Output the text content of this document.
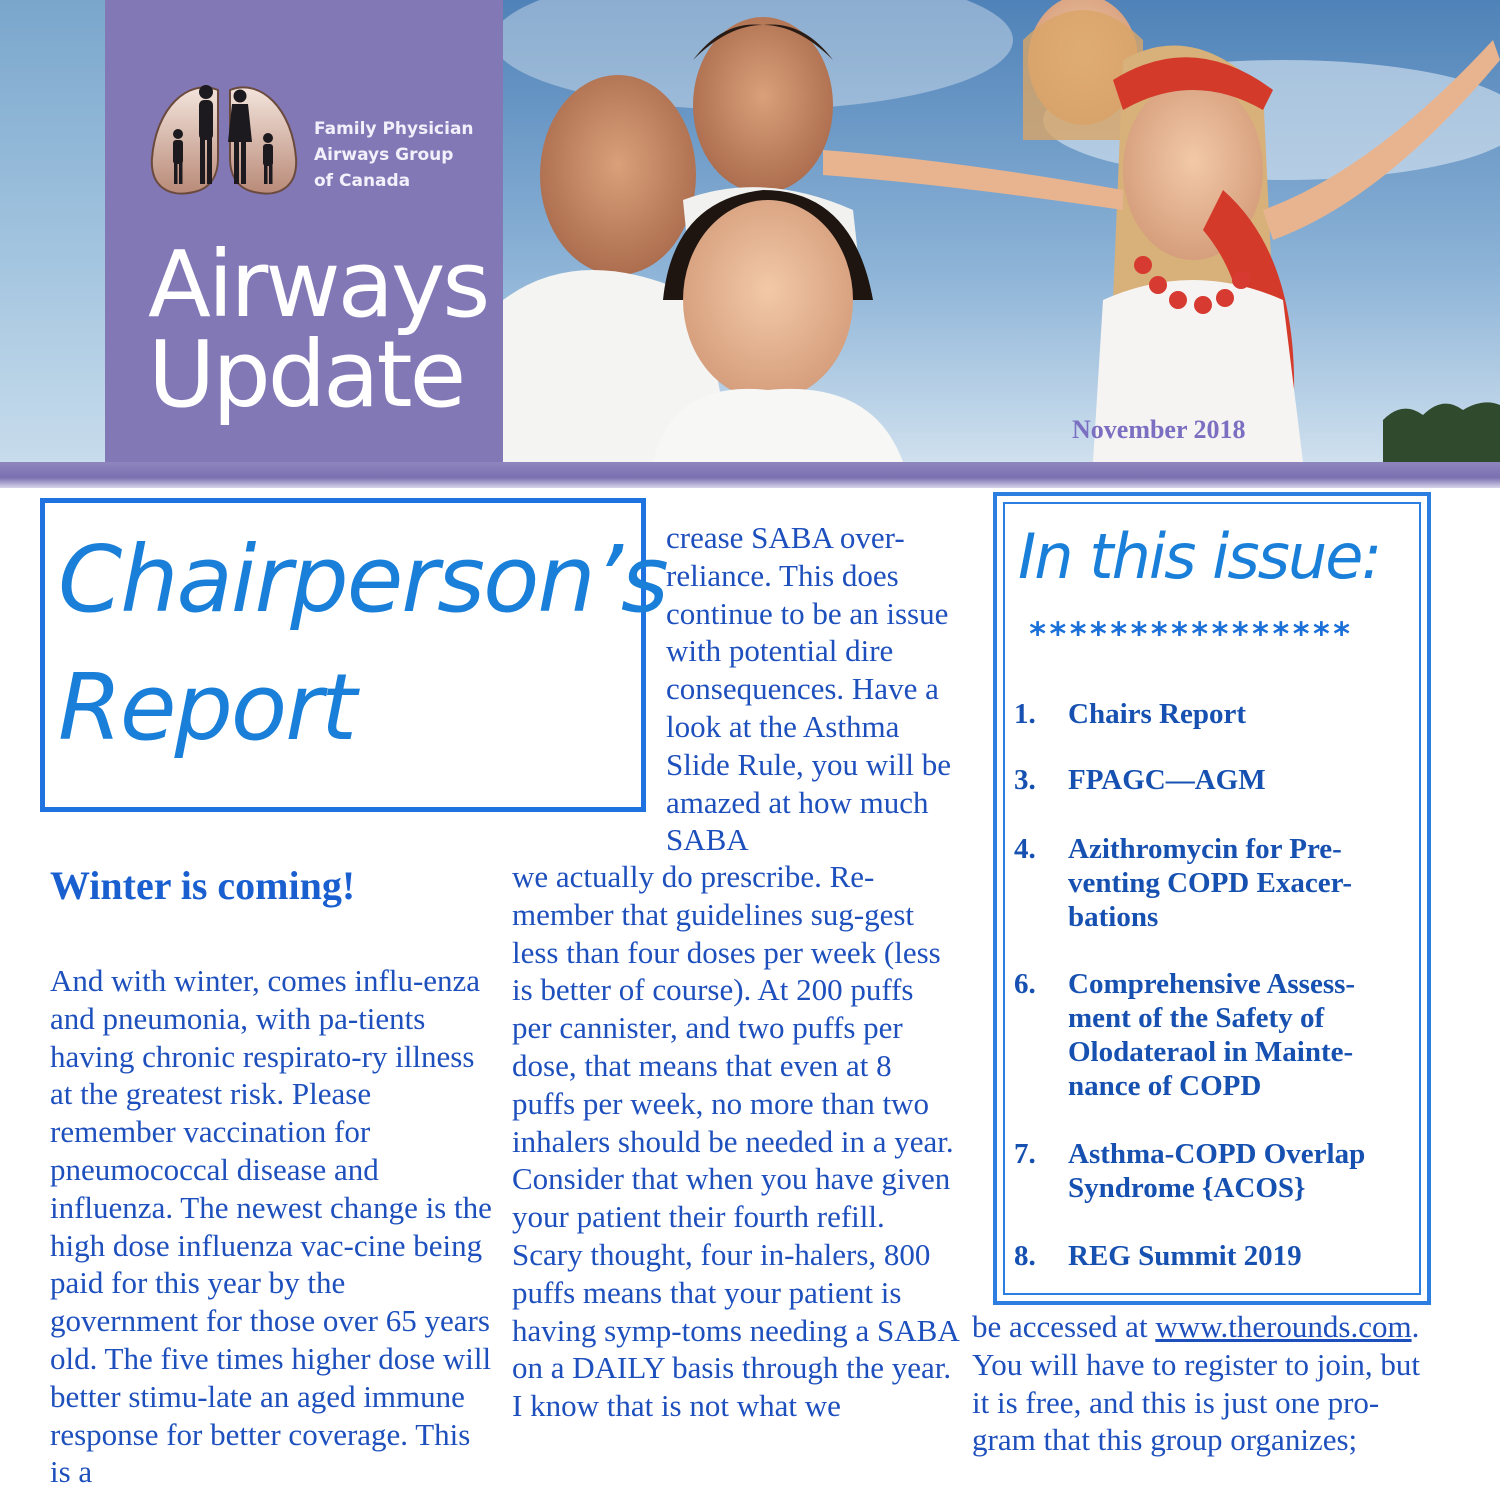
Family Physician
Airways Group
of Canada
Airways
Update
November 2018
Chairperson’s
Report
Winter is coming!

And with winter, comes influ-enza and pneumonia, with pa-tients having chronic respirato-ry illness at the greatest risk. Please remember vaccination for pneumococcal disease and influenza. The newest change is the high dose influenza vac-cine being paid for this year by the government for those over 65 years old. The five times higher dose will better stimu-late an aged immune response for better coverage. This is a

crease SABA over-reliance. This does continue to be an issue with potential dire consequences. Have a look at the Asthma Slide Rule, you will be amazed at how much SABA

we actually do prescribe. Re-member that guidelines sug-gest less than four doses per week (less is better of course). At 200 puffs per cannister, and two puffs per dose, that means that even at 8 puffs per week, no more than two inhalers should be needed in a year. Consider that when you have given your patient their fourth refill. Scary thought, four in-halers, 800 puffs means that your patient is having symp-toms needing a SABA on a DAILY basis through the year. I know that is not what we

be accessed at www.therounds.com. You will have to register to join, but it is free, and this is just one pro-gram that this group organizes;

In this issue:
****************
1. Chairs Report
3. FPAGC—AGM
4. Azithromycin for Pre-venting COPD Exacer-bations
6. Comprehensive Assess-ment of the Safety of Olodateraol in Mainte-nance of COPD
7. Asthma-COPD Overlap Syndrome {ACOS}
8. REG Summit 2019
